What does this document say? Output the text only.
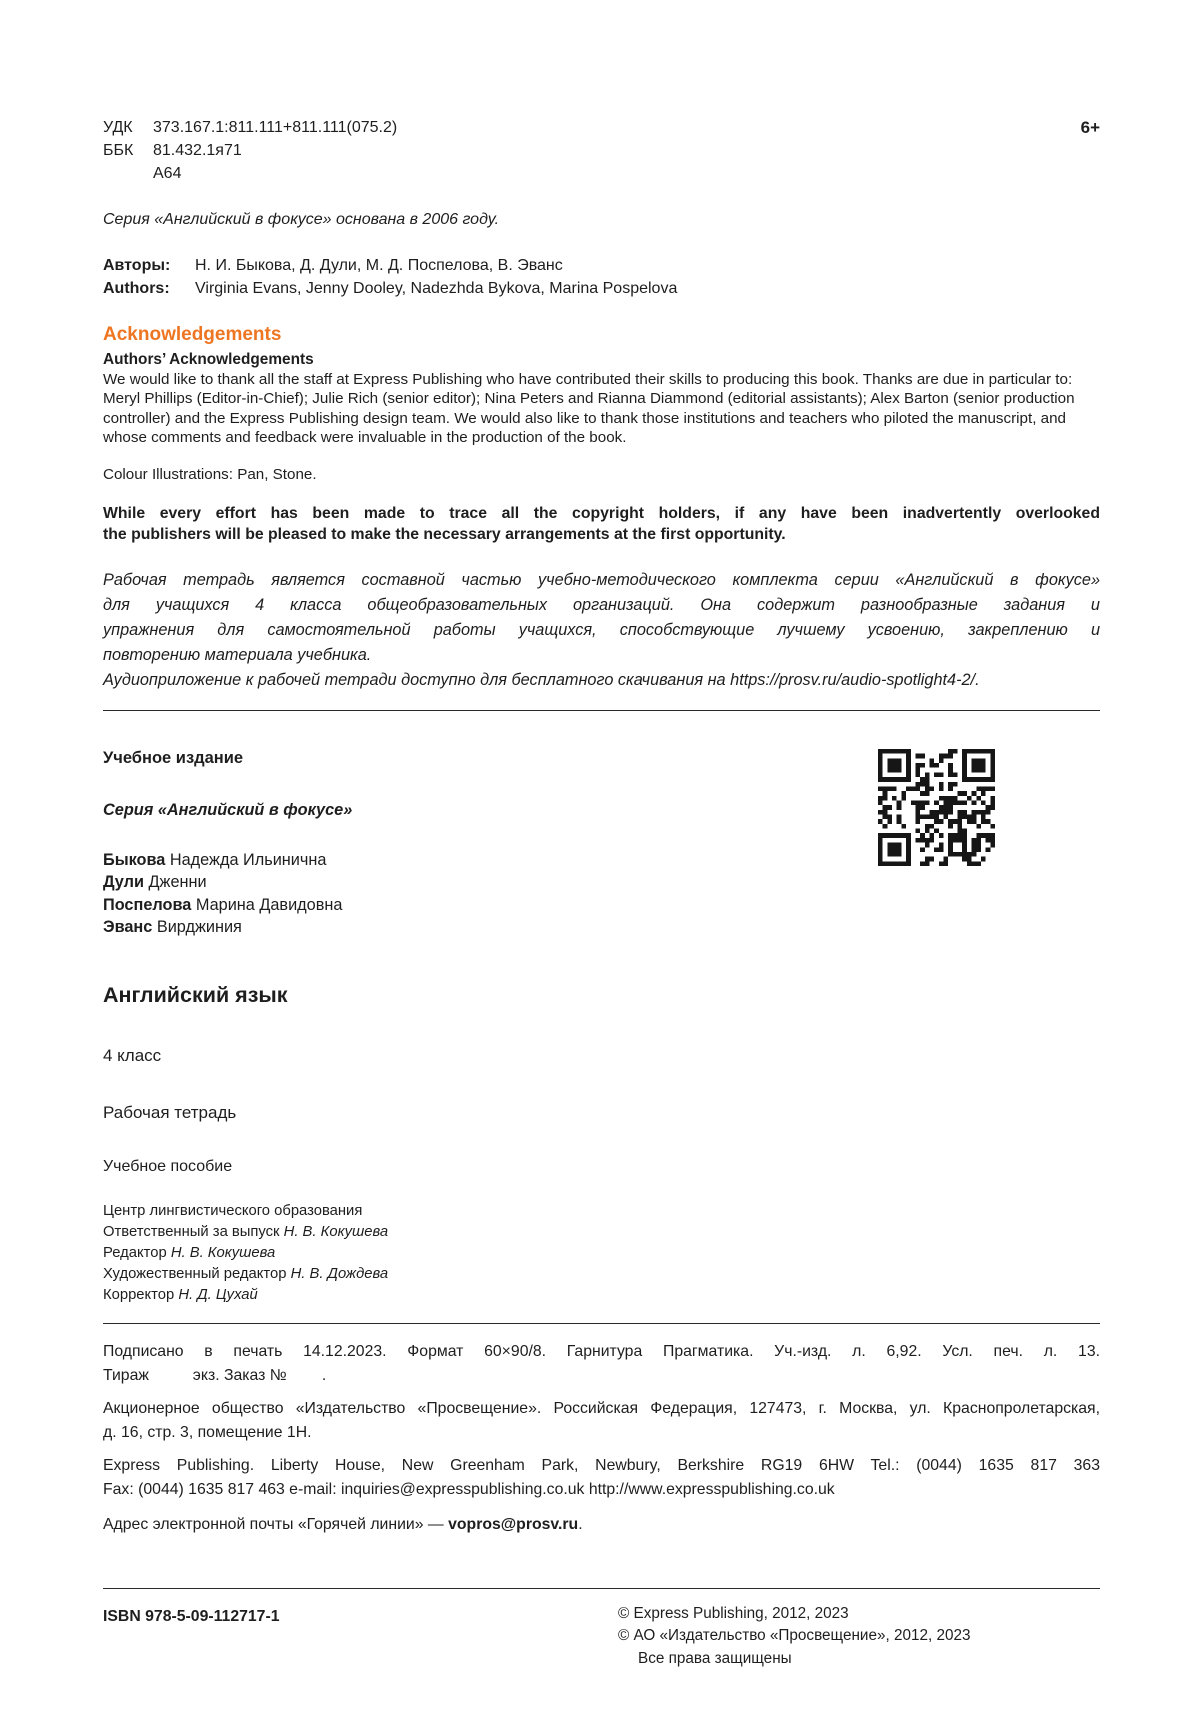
УДК 373.167.1:811.111+811.111(075.2)
ББК 81.432.1я71
А64
6+
Серия «Английский в фокусе» основана в 2006 году.
Авторы: Н. И. Быкова, Д. Дули, М. Д. Поспелова, В. Эванс
Authors: Virginia Evans, Jenny Dooley, Nadezhda Bykova, Marina Pospelova
Acknowledgements
Authors’ Acknowledgements
We would like to thank all the staff at Express Publishing who have contributed their skills to producing this book. Thanks are due in particular to: Meryl Phillips (Editor-in-Chief); Julie Rich (senior editor); Nina Peters and Rianna Diammond (editorial assistants); Alex Barton (senior production controller) and the Express Publishing design team. We would also like to thank those institutions and teachers who piloted the manuscript, and whose comments and feedback were invaluable in the production of the book.
Colour Illustrations: Pan, Stone.
While every effort has been made to trace all the copyright holders, if any have been inadvertently overlooked
the publishers will be pleased to make the necessary arrangements at the first opportunity.
Рабочая тетрадь является составной частью учебно-методического комплекта серии «Английский в фокусе»
для учащихся 4 класса общеобразовательных организаций. Она содержит разнообразные задания и
упражнения для самостоятельной работы учащихся, способствующие лучшему усвоению, закреплению и
повторению материала учебника.
Аудиоприложение к рабочей тетради доступно для бесплатного скачивания на https://prosv.ru/audio-spotlight4-2/.
Учебное издание
Серия «Английский в фокусе»
Быкова Надежда Ильинична
Дули Дженни
Поспелова Марина Давидовна
Эванс Вирджиния
Английский язык
4 класс
Рабочая тетрадь
Учебное пособие
Центр лингвистического образования
Ответственный за выпуск Н. В. Кокушева
Редактор Н. В. Кокушева
Художественный редактор Н. В. Дождева
Корректор Н. Д. Цухай
Подписано в печать 14.12.2023. Формат 60×90/8. Гарнитура Прагматика. Уч.-изд. л. 6,92. Усл. печ. л. 13.
Тираж          экз. Заказ №        .
Акционерное общество «Издательство «Просвещение». Российская Федерация, 127473, г. Москва, ул. Краснопролетарская,
д. 16, стр. 3, помещение 1Н.
Express Publishing. Liberty House, New Greenham Park, Newbury, Berkshire RG19 6HW Tel.: (0044) 1635 817 363
Fax: (0044) 1635 817 463 e-mail: inquiries@expresspublishing.co.uk http://www.expresspublishing.co.uk
Адрес электронной почты «Горячей линии» — vopros@prosv.ru.
ISBN 978-5-09-112717-1	© Express Publishing, 2012, 2023
© АО «Издательство «Просвещение», 2012, 2023
Все права защищены
